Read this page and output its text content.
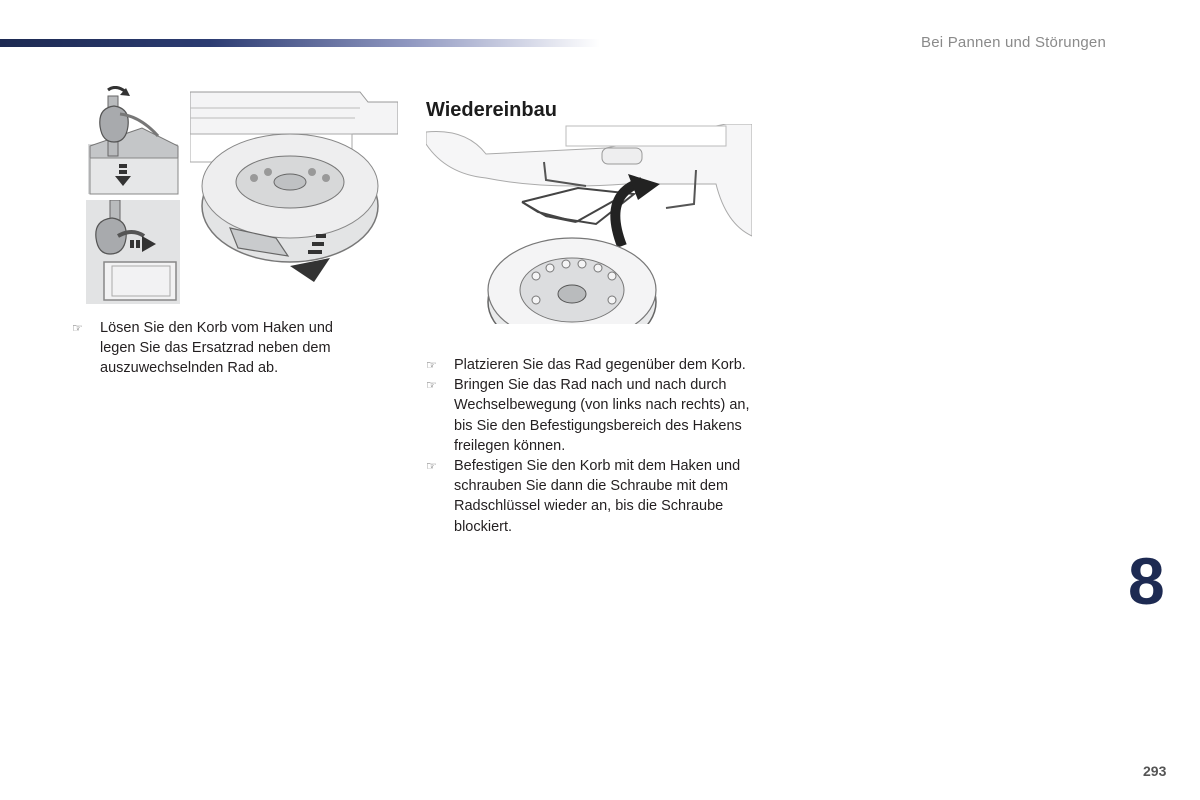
Bei Pannen und Störungen
☞ Lösen Sie den Korb vom Haken und legen Sie das Ersatzrad neben dem auszuwechselnden Rad ab.
Wiedereinbau
☞ Platzieren Sie das Rad gegenüber dem Korb.
☞ Bringen Sie das Rad nach und nach durch Wechselbewegung (von links nach rechts) an, bis Sie den Befestigungsbereich des Hakens freilegen können.
☞ Befestigen Sie den Korb mit dem Haken und schrauben Sie dann die Schraube mit dem Radschlüssel wieder an, bis die Schraube blockiert.
8
293
